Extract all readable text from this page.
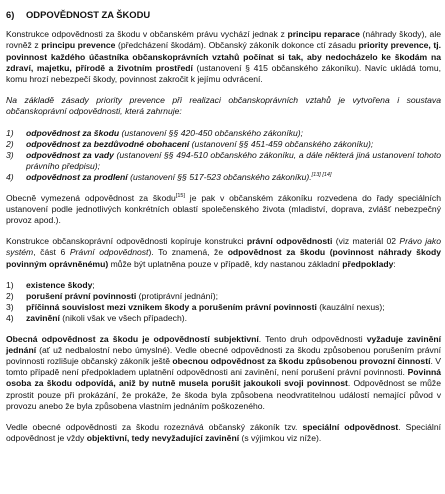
6) ODPOVĚDNOST ZA ŠKODU

Konstrukce odpovědnosti za škodu v občanském právu vychází jednak z principu reparace (náhrady škody), ale rovněž z principu prevence (předcházení škodám). Občanský zákoník dokonce ctí zásadu priority prevence, tj. povinnost každého účastníka občanskoprávních vztahů počínat si tak, aby nedocházelo ke škodám na zdraví, majetku, přírodě a životním prostředí (ustanovení § 415 občanského zákoníku). Navíc ukládá tomu, komu hrozí nebezpečí škody, povinnost zakročit k jejímu odvrácení.

Na základě zásady priority prevence při realizaci občanskoprávních vztahů je vytvořena i soustava občanskoprávní odpovědnosti, která zahrnuje:

1)	odpovědnost za škodu (ustanovení §§ 420-450 občanského zákoníku);
2)	odpovědnost za bezdůvodné obohacení (ustanovení §§ 451-459 občanského zákoníku);
3)	odpovědnost za vady (ustanovení §§ 494-510 občanského zákoníku, a dále některá jiná ustanovení tohoto právního předpisu);
4)	odpovědnost za prodlení (ustanovení §§ 517-523 občanského zákoníku).[13] [14]

Obecně vymezená odpovědnost za škodu[15] je pak v občanském zákoníku rozvedena do řady speciálních ustanovení podle jednotlivých konkrétních oblastí společenského života (mladiství, doprava, zvlášť nebezpečný provoz apod.).

Konstrukce občanskoprávní odpovědnosti kopíruje konstrukci právní odpovědnosti (viz materiál 02 Právo jako systém, část 6 Právní odpovědnost). To znamená, že odpovědnost za škodu (povinnost náhrady škody povinným oprávněnému) může být uplatněna pouze v případě, kdy nastanou základní předpoklady:

1)	existence škody;
2)	porušení právní povinnosti (protiprávní jednání);
3)	příčinná souvislost mezi vznikem škody a porušením právní povinnosti (kauzální nexus);
4)	zavinění (nikoli však ve všech případech).

Obecná odpovědnost za škodu je odpovědností subjektivní. Tento druh odpovědnosti vyžaduje zavinění jednání (ať už nedbalostní nebo úmyslné). Vedle obecné odpovědnosti za škodu způsobenou porušením právní povinnosti rozlišuje občanský zákoník ještě obecnou odpovědnost za škodu způsobenou provozní činností. V tomto případě není předpokladem uplatnění odpovědnosti ani zavinění, není porušení právní povinnosti. Povinná osoba za škodu odpovídá, aniž by nutně musela porušit jakoukoli svoji povinnost. Odpovědnost se může zprostit pouze při prokázání, že prokáže, že škoda byla způsobena neodvratitelnou událostí nemající původ v provozu anebo že byla způsobena vlastním jednáním poškozeného.

Vedle obecné odpovědnosti za škodu rozeznává občanský zákoník tzv. speciální odpovědnost. Speciální odpovědnost je vždy objektivní, tedy nevyžadující zavinění (s výjimkou viz níže).
